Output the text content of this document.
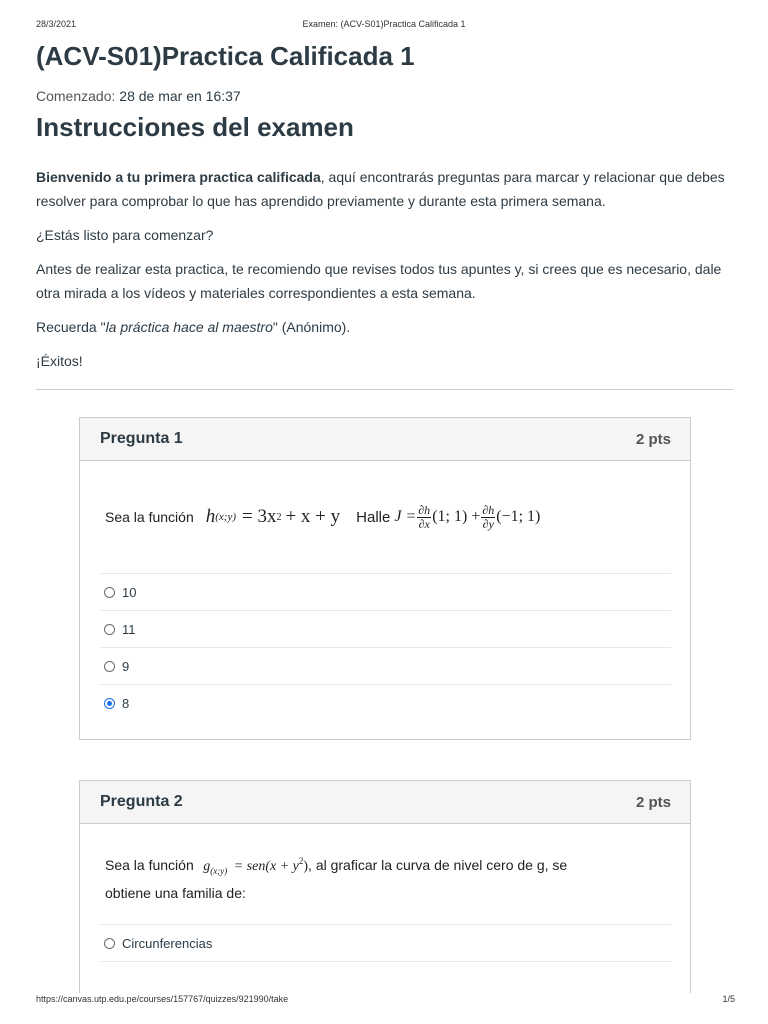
28/3/2021	Examen: (ACV-S01)Practica Calificada 1
(ACV-S01)Practica Calificada 1
Comenzado: 28 de mar en 16:37
Instrucciones del examen

Bienvenido a tu primera practica calificada, aquí encontrarás preguntas para marcar y relacionar que debes resolver para comprobar lo que has aprendido previamente y durante esta primera semana.

¿Estás listo para comenzar?

Antes de realizar esta practica, te recomiendo que revises todos tus apuntes y, si crees que es necesario, dale otra mirada a los vídeos y materiales correspondientes a esta semana.

Recuerda "la práctica hace al maestro" (Anónimo).

¡Éxitos!

Pregunta 1	2 pts
Sea la función h (x;y) = 3x 2 + x + y Halle $J = \frac{\partial h}{\partial x} (1$; $1) + \frac{\partial h}{\partial y} (-1$; 1)
10
11
9
8
Pregunta 2	2 pts
Sea la función $g_{(x;y)} = sen(x + y^2)$, al graficar la curva de nivel cero de g, se
obtiene una familia de:
Circunferencias
https://canvas.utp.edu.pe/courses/157767/quizzes/921990/take	1/5
